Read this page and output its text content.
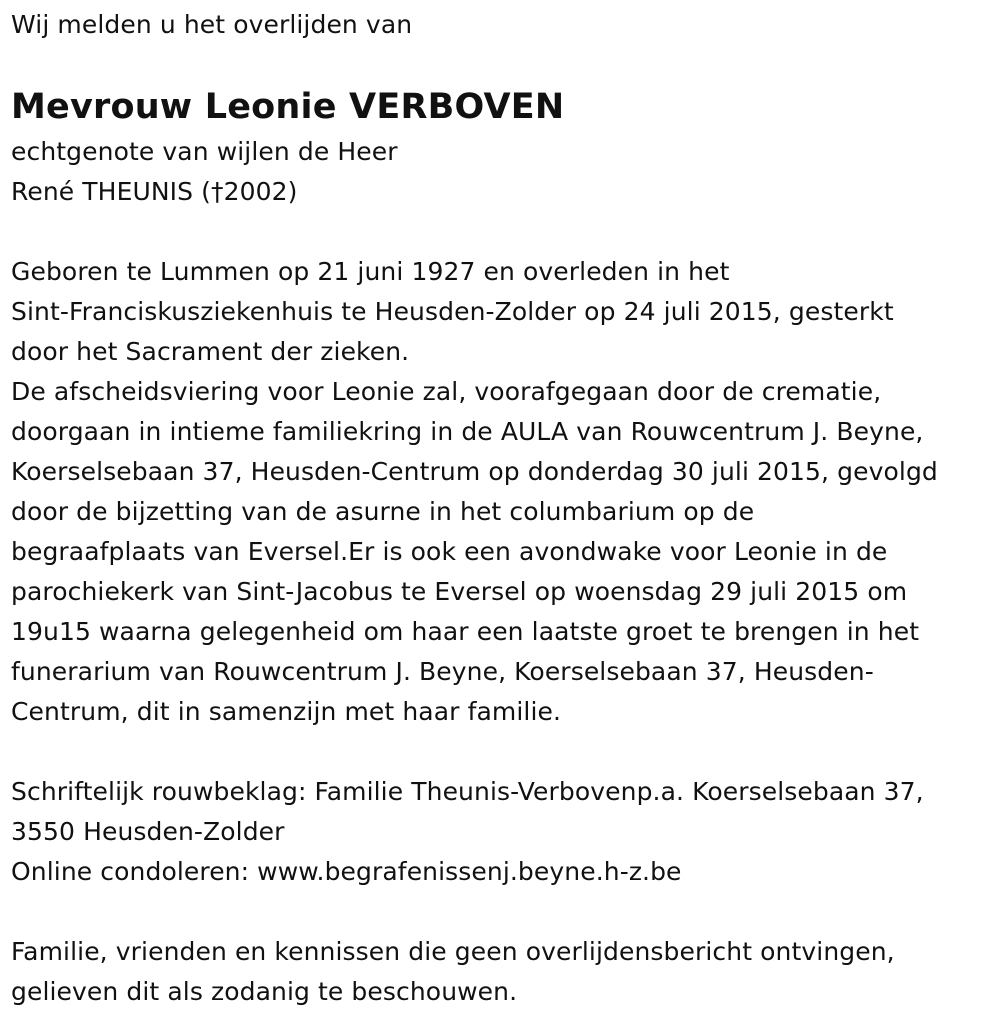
Wij melden u het overlijden van
Mevrouw Leonie VERBOVEN
echtgenote van wijlen de Heer
René THEUNIS (†2002)
Geboren te Lummen op 21 juni 1927 en overleden in het
Sint-Franciskusziekenhuis te Heusden-Zolder op 24 juli 2015, gesterkt
door het Sacrament der zieken.
De afscheidsviering voor Leonie zal, voorafgegaan door de crematie,
doorgaan in intieme familiekring in de AULA van Rouwcentrum J. Beyne,
Koerselsebaan 37, Heusden-Centrum op donderdag 30 juli 2015, gevolgd
door de bijzetting van de asurne in het columbarium op de
begraafplaats van Eversel.Er is ook een avondwake voor Leonie in de
parochiekerk van Sint-Jacobus te Eversel op woensdag 29 juli 2015 om
19u15 waarna gelegenheid om haar een laatste groet te brengen in het
funerarium van Rouwcentrum J. Beyne, Koerselsebaan 37, Heusden-
Centrum, dit in samenzijn met haar familie.
Schriftelijk rouwbeklag: Familie Theunis-Verbovenp.a. Koerselsebaan 37,
3550 Heusden-Zolder
Online condoleren: www.begrafenissenj.beyne.h-z.be
Familie, vrienden en kennissen die geen overlijdensbericht ontvingen,
gelieven dit als zodanig te beschouwen.
